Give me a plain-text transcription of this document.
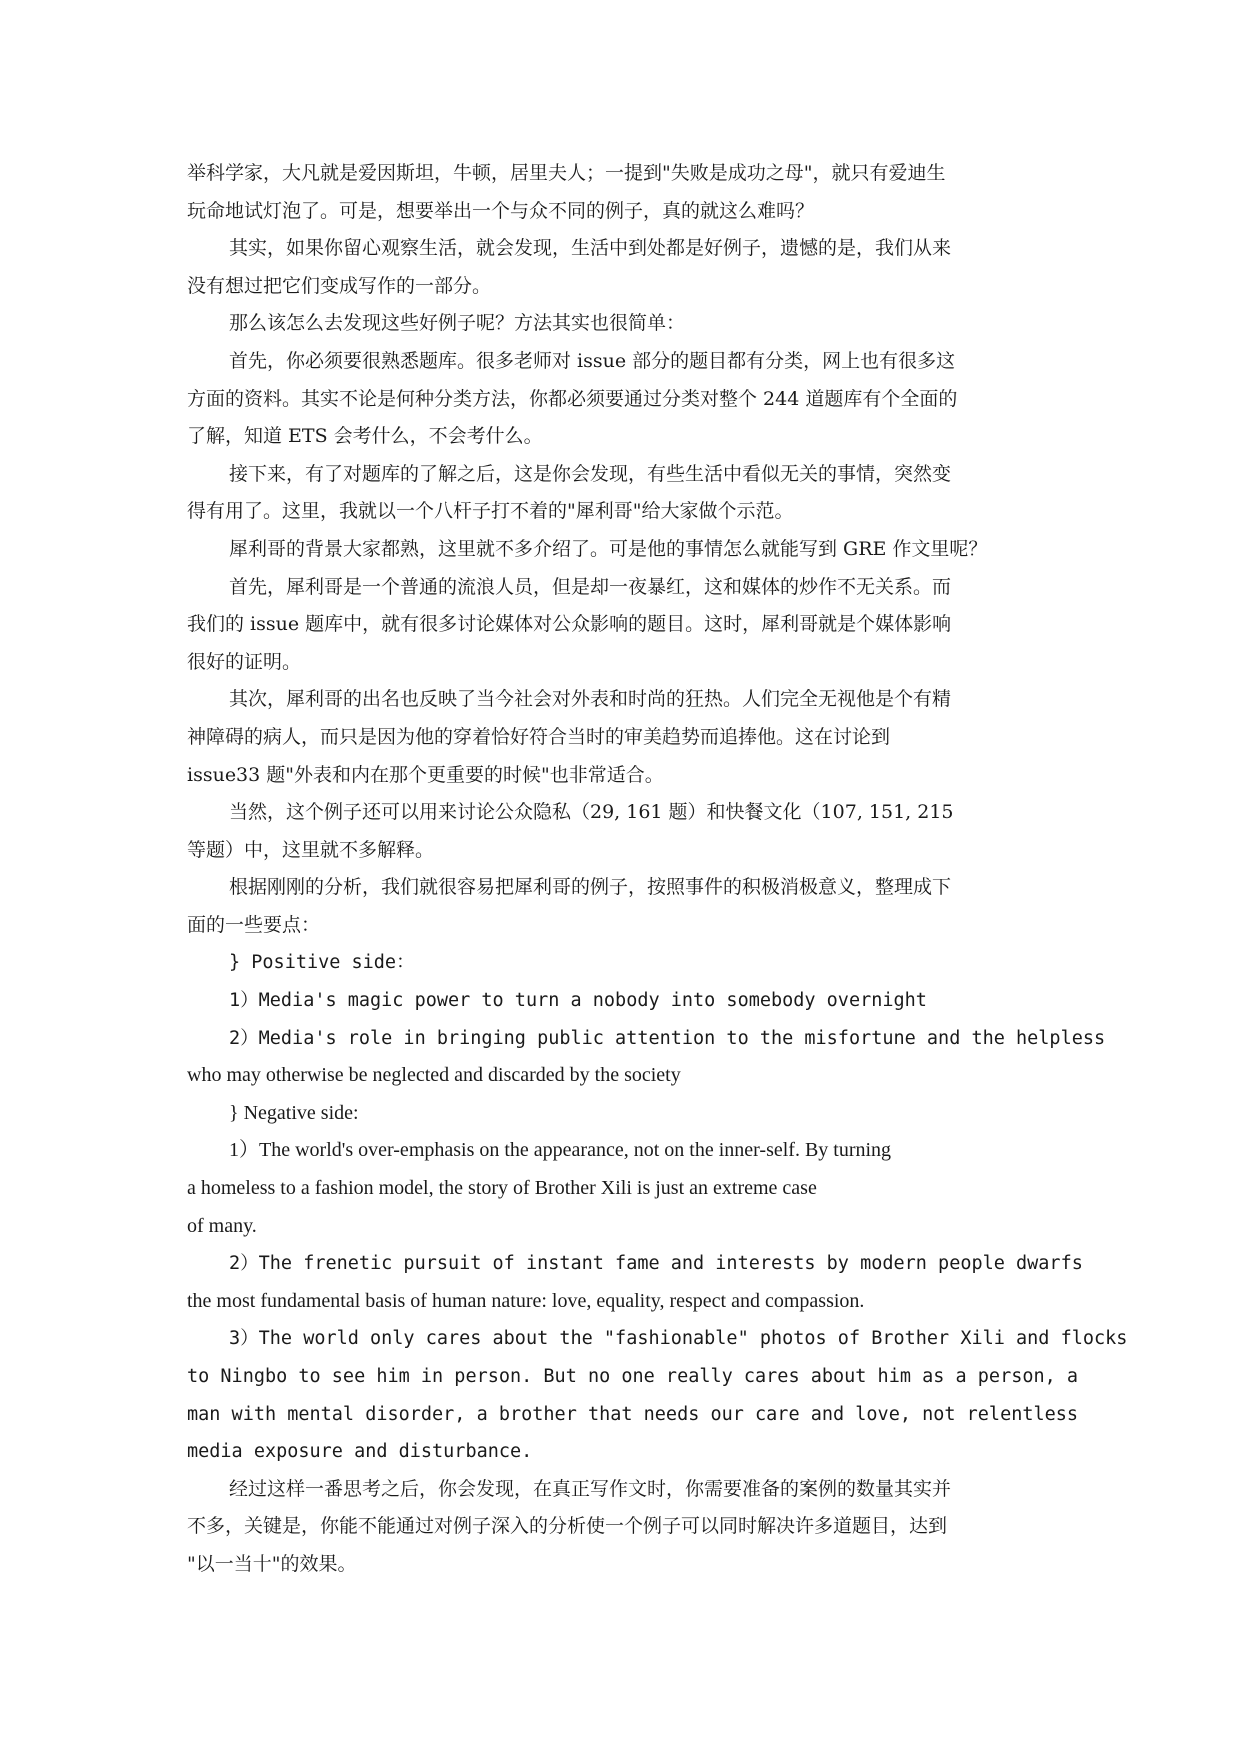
举科学家，大凡就是爱因斯坦，牛顿，居里夫人；一提到"失败是成功之母"，就只有爱迪生
玩命地试灯泡了。可是，想要举出一个与众不同的例子，真的就这么难吗？
其实，如果你留心观察生活，就会发现，生活中到处都是好例子，遗憾的是，我们从来
没有想过把它们变成写作的一部分。
那么该怎么去发现这些好例子呢？方法其实也很简单：
首先，你必须要很熟悉题库。很多老师对 issue 部分的题目都有分类，网上也有很多这
方面的资料。其实不论是何种分类方法，你都必须要通过分类对整个 244 道题库有个全面的
了解，知道 ETS 会考什么，不会考什么。
接下来，有了对题库的了解之后，这是你会发现，有些生活中看似无关的事情，突然变
得有用了。这里，我就以一个八杆子打不着的"犀利哥"给大家做个示范。
犀利哥的背景大家都熟，这里就不多介绍了。可是他的事情怎么就能写到 GRE 作文里呢？
首先，犀利哥是一个普通的流浪人员，但是却一夜暴红，这和媒体的炒作不无关系。而
我们的 issue 题库中，就有很多讨论媒体对公众影响的题目。这时，犀利哥就是个媒体影响
很好的证明。
其次，犀利哥的出名也反映了当今社会对外表和时尚的狂热。人们完全无视他是个有精
神障碍的病人，而只是因为他的穿着恰好符合当时的审美趋势而追捧他。这在讨论到
issue33 题"外表和内在那个更重要的时候"也非常适合。
当然，这个例子还可以用来讨论公众隐私（29, 161 题）和快餐文化（107, 151, 215
等题）中，这里就不多解释。
根据刚刚的分析，我们就很容易把犀利哥的例子，按照事件的积极消极意义，整理成下
面的一些要点：
} Positive side：
1）Media's magic power to turn a nobody into somebody overnight
2）Media's role in bringing public attention to the misfortune and the helpless
who may otherwise be neglected and discarded by the society
} Negative side:
1）The world's over-emphasis on the appearance, not on the inner-self. By turning
a homeless to a fashion model, the story of Brother Xili is just an extreme case
of many.
2）The frenetic pursuit of instant fame and interests by modern people dwarfs
the most fundamental basis of human nature: love, equality, respect and compassion.
3）The world only cares about the "fashionable" photos of Brother Xili and flocks
to Ningbo to see him in person. But no one really cares about him as a person, a
man with mental disorder, a brother that needs our care and love, not relentless
media exposure and disturbance.
经过这样一番思考之后，你会发现，在真正写作文时，你需要准备的案例的数量其实并
不多，关键是，你能不能通过对例子深入的分析使一个例子可以同时解决许多道题目，达到
"以一当十"的效果。
